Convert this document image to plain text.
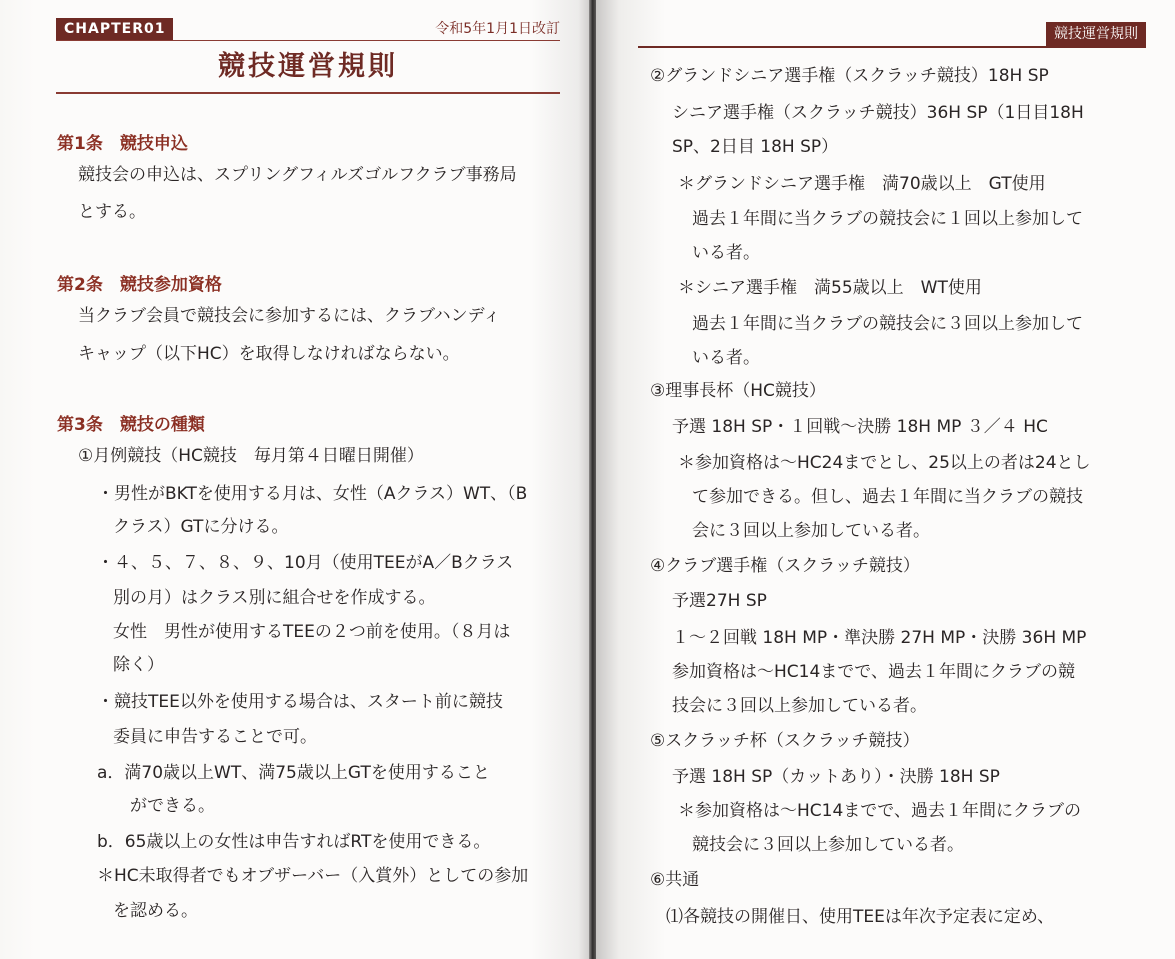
CHAPTER01	令和5年1月1日改訂
競技運営規則
第1条　競技申込
競技会の申込は、スプリングフィルズゴルフクラブ事務局
とする。
第2条　競技参加資格
当クラブ会員で競技会に参加するには、クラブハンディ
キャップ（以下HC）を取得しなければならない。
第3条　競技の種類
①月例競技（HC競技　毎月第４日曜日開催）
・男性がBKTを使用する月は、女性（Aクラス）WT、（B
クラス）GTに分ける。
・４、５、７、８、９、10月（使用TEEがA／Bクラス
別の月）はクラス別に組合せを作成する。
女性　男性が使用するTEEの２つ前を使用。（８月は
除く）
・競技TEE以外を使用する場合は、スタート前に競技
委員に申告することで可。
a．満70歳以上WT、満75歳以上GTを使用すること
ができる。
b．65歳以上の女性は申告すればRTを使用できる。
＊HC未取得者でもオブザーバー（入賞外）としての参加
を認める。
競技運営規則
②グランドシニア選手権（スクラッチ競技）18H SP
シニア選手権（スクラッチ競技）36H SP（1日目18H
SP、2日目 18H SP）
＊グランドシニア選手権　満70歳以上　GT使用
過去１年間に当クラブの競技会に１回以上参加して
いる者。
＊シニア選手権　満55歳以上　WT使用
過去１年間に当クラブの競技会に３回以上参加して
いる者。
③理事長杯（HC競技）
予選 18H SP・１回戦～決勝 18H MP ３／４ HC
＊参加資格は～HC24までとし、25以上の者は24とし
て参加できる。但し、過去１年間に当クラブの競技
会に３回以上参加している者。
④クラブ選手権（スクラッチ競技）
予選27H SP
１～２回戦 18H MP・準決勝 27H MP・決勝 36H MP
参加資格は～HC14までで、過去１年間にクラブの競
技会に３回以上参加している者。
⑤スクラッチ杯（スクラッチ競技）
予選 18H SP（カットあり）・決勝 18H SP
＊参加資格は～HC14までで、過去１年間にクラブの
競技会に３回以上参加している者。
⑥共通
⑴各競技の開催日、使用TEEは年次予定表に定め、
